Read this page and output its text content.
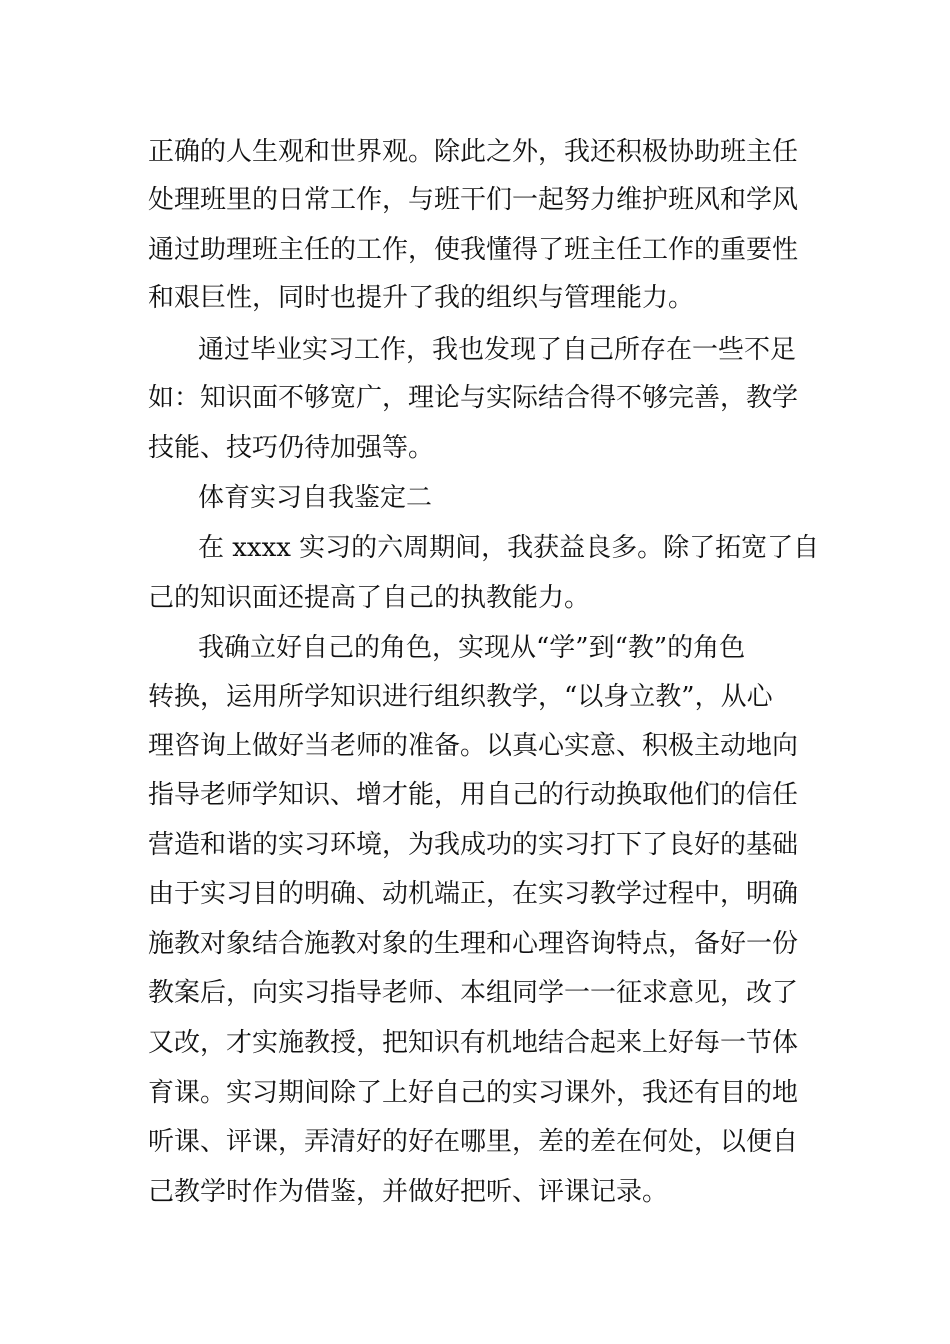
正确的人生观和世界观。除此之外，我还积极协助班主任
处理班里的日常工作，与班干们一起努力维护班风和学风
通过助理班主任的工作，使我懂得了班主任工作的重要性
和艰巨性，同时也提升了我的组织与管理能力。
通过毕业实习工作，我也发现了自己所存在一些不足
如：知识面不够宽广，理论与实际结合得不够完善，教学
技能、技巧仍待加强等。
体育实习自我鉴定二
在 xxxx 实习的六周期间，我获益良多。除了拓宽了自
己的知识面还提高了自己的执教能力。
我确立好自己的角色，实现从“学”到“教”的角色
转换，运用所学知识进行组织教学，“以身立教”，从心
理咨询上做好当老师的准备。以真心实意、积极主动地向
指导老师学知识、增才能，用自己的行动换取他们的信任
营造和谐的实习环境，为我成功的实习打下了良好的基础
由于实习目的明确、动机端正，在实习教学过程中，明确
施教对象结合施教对象的生理和心理咨询特点，备好一份
教案后，向实习指导老师、本组同学一一征求意见，改了
又改，才实施教授，把知识有机地结合起来上好每一节体
育课。实习期间除了上好自己的实习课外，我还有目的地
听课、评课，弄清好的好在哪里，差的差在何处，以便自
己教学时作为借鉴，并做好把听、评课记录。
